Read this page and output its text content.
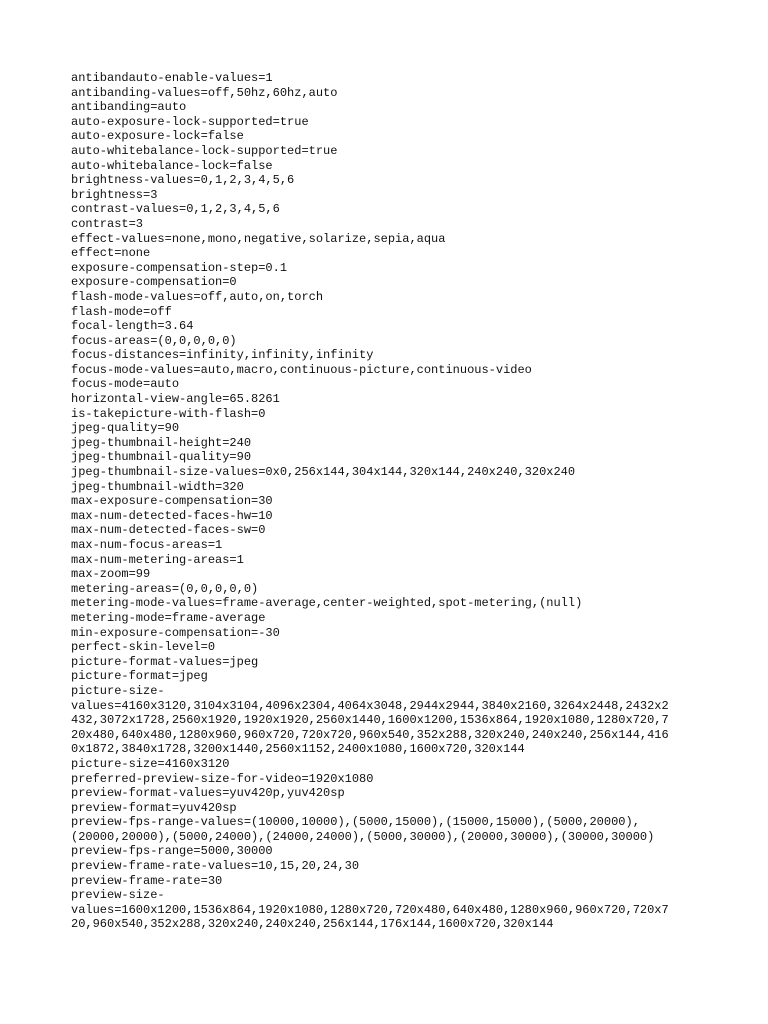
antibandauto-enable-values=1
antibanding-values=off,50hz,60hz,auto
antibanding=auto
auto-exposure-lock-supported=true
auto-exposure-lock=false
auto-whitebalance-lock-supported=true
auto-whitebalance-lock=false
brightness-values=0,1,2,3,4,5,6
brightness=3
contrast-values=0,1,2,3,4,5,6
contrast=3
effect-values=none,mono,negative,solarize,sepia,aqua
effect=none
exposure-compensation-step=0.1
exposure-compensation=0
flash-mode-values=off,auto,on,torch
flash-mode=off
focal-length=3.64
focus-areas=(0,0,0,0,0)
focus-distances=infinity,infinity,infinity
focus-mode-values=auto,macro,continuous-picture,continuous-video
focus-mode=auto
horizontal-view-angle=65.8261
is-takepicture-with-flash=0
jpeg-quality=90
jpeg-thumbnail-height=240
jpeg-thumbnail-quality=90
jpeg-thumbnail-size-values=0x0,256x144,304x144,320x144,240x240,320x240
jpeg-thumbnail-width=320
max-exposure-compensation=30
max-num-detected-faces-hw=10
max-num-detected-faces-sw=0
max-num-focus-areas=1
max-num-metering-areas=1
max-zoom=99
metering-areas=(0,0,0,0,0)
metering-mode-values=frame-average,center-weighted,spot-metering,(null)
metering-mode=frame-average
min-exposure-compensation=-30
perfect-skin-level=0
picture-format-values=jpeg
picture-format=jpeg
picture-size-
values=4160x3120,3104x3104,4096x2304,4064x3048,2944x2944,3840x2160,3264x2448,2432x2
432,3072x1728,2560x1920,1920x1920,2560x1440,1600x1200,1536x864,1920x1080,1280x720,7
20x480,640x480,1280x960,960x720,720x720,960x540,352x288,320x240,240x240,256x144,416
0x1872,3840x1728,3200x1440,2560x1152,2400x1080,1600x720,320x144
picture-size=4160x3120
preferred-preview-size-for-video=1920x1080
preview-format-values=yuv420p,yuv420sp
preview-format=yuv420sp
preview-fps-range-values=(10000,10000),(5000,15000),(15000,15000),(5000,20000),
(20000,20000),(5000,24000),(24000,24000),(5000,30000),(20000,30000),(30000,30000)
preview-fps-range=5000,30000
preview-frame-rate-values=10,15,20,24,30
preview-frame-rate=30
preview-size-
values=1600x1200,1536x864,1920x1080,1280x720,720x480,640x480,1280x960,960x720,720x7
20,960x540,352x288,320x240,240x240,256x144,176x144,1600x720,320x144
